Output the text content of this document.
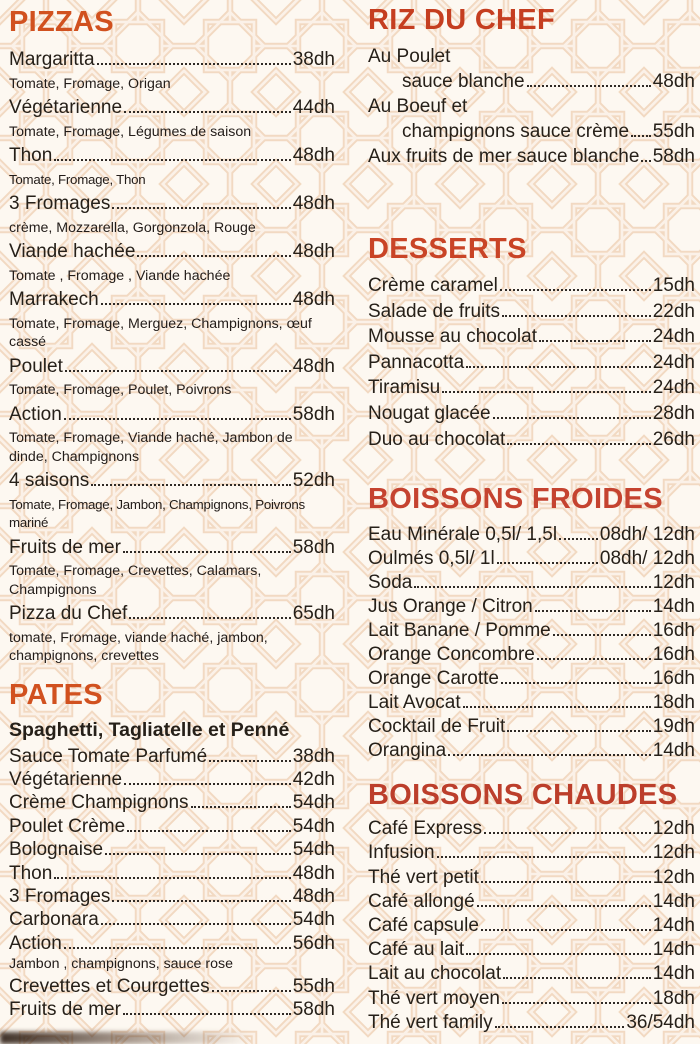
PIZZAS
Margaritta	38dh
Tomate, Fromage, Origan
Végétarienne	44dh
Tomate, Fromage, Légumes de saison
Thon	48dh
Tomate, Fromage, Thon
3 Fromages	48dh
crème, Mozzarella, Gorgonzola, Rouge
Viande hachée	48dh
Tomate , Fromage , Viande hachée
Marrakech	48dh
Tomate, Fromage, Merguez, Champignons, œuf cassé
Poulet	48dh
Tomate, Fromage, Poulet, Poivrons
Action	58dh
Tomate, Fromage, Viande haché, Jambon de dinde, Champignons
4 saisons	52dh
Tomate, Fromage, Jambon, Champignons, Poivrons mariné
Fruits de mer	58dh
Tomate, Fromage, Crevettes, Calamars, Champignons
Pizza du Chef	65dh
tomate, Fromage, viande haché, jambon, champignons, crevettes
PATES
Spaghetti, Tagliatelle et Penné
Sauce Tomate Parfumé	38dh
Végétarienne	42dh
Crème Champignons	54dh
Poulet Crème	54dh
Bolognaise	54dh
Thon	48dh
3 Fromages	48dh
Carbonara	54dh
Action	56dh
Jambon , champignons, sauce rose
Crevettes et Courgettes	55dh
Fruits de mer	58dh
RIZ DU CHEF
Au Poulet
sauce blanche	48dh
Au Boeuf et
champignons sauce crème 55dh
Aux fruits de mer sauce blanche 58dh
DESSERTS
Crème caramel	15dh
Salade de fruits	22dh
Mousse au chocolat	24dh
Pannacotta	24dh
Tiramisu	24dh
Nougat glacée	28dh
Duo au chocolat	26dh
BOISSONS FROIDES
Eau Minérale 0,5l/ 1,5l 08dh/ 12dh
Oulmés 0,5l/ 1l	08dh/ 12dh
Soda	12dh
Jus Orange / Citron	14dh
Lait Banane / Pomme	16dh
Orange Concombre	16dh
Orange Carotte	16dh
Lait Avocat	18dh
Cocktail de Fruit	19dh
Orangina	14dh
BOISSONS CHAUDES
Café Express	12dh
Infusion	12dh
Thé vert petit	12dh
Café allongé	14dh
Café capsule	14dh
Café au lait	14dh
Lait au chocolat	14dh
Thé vert moyen	18dh
Thé vert family	36/54dh
